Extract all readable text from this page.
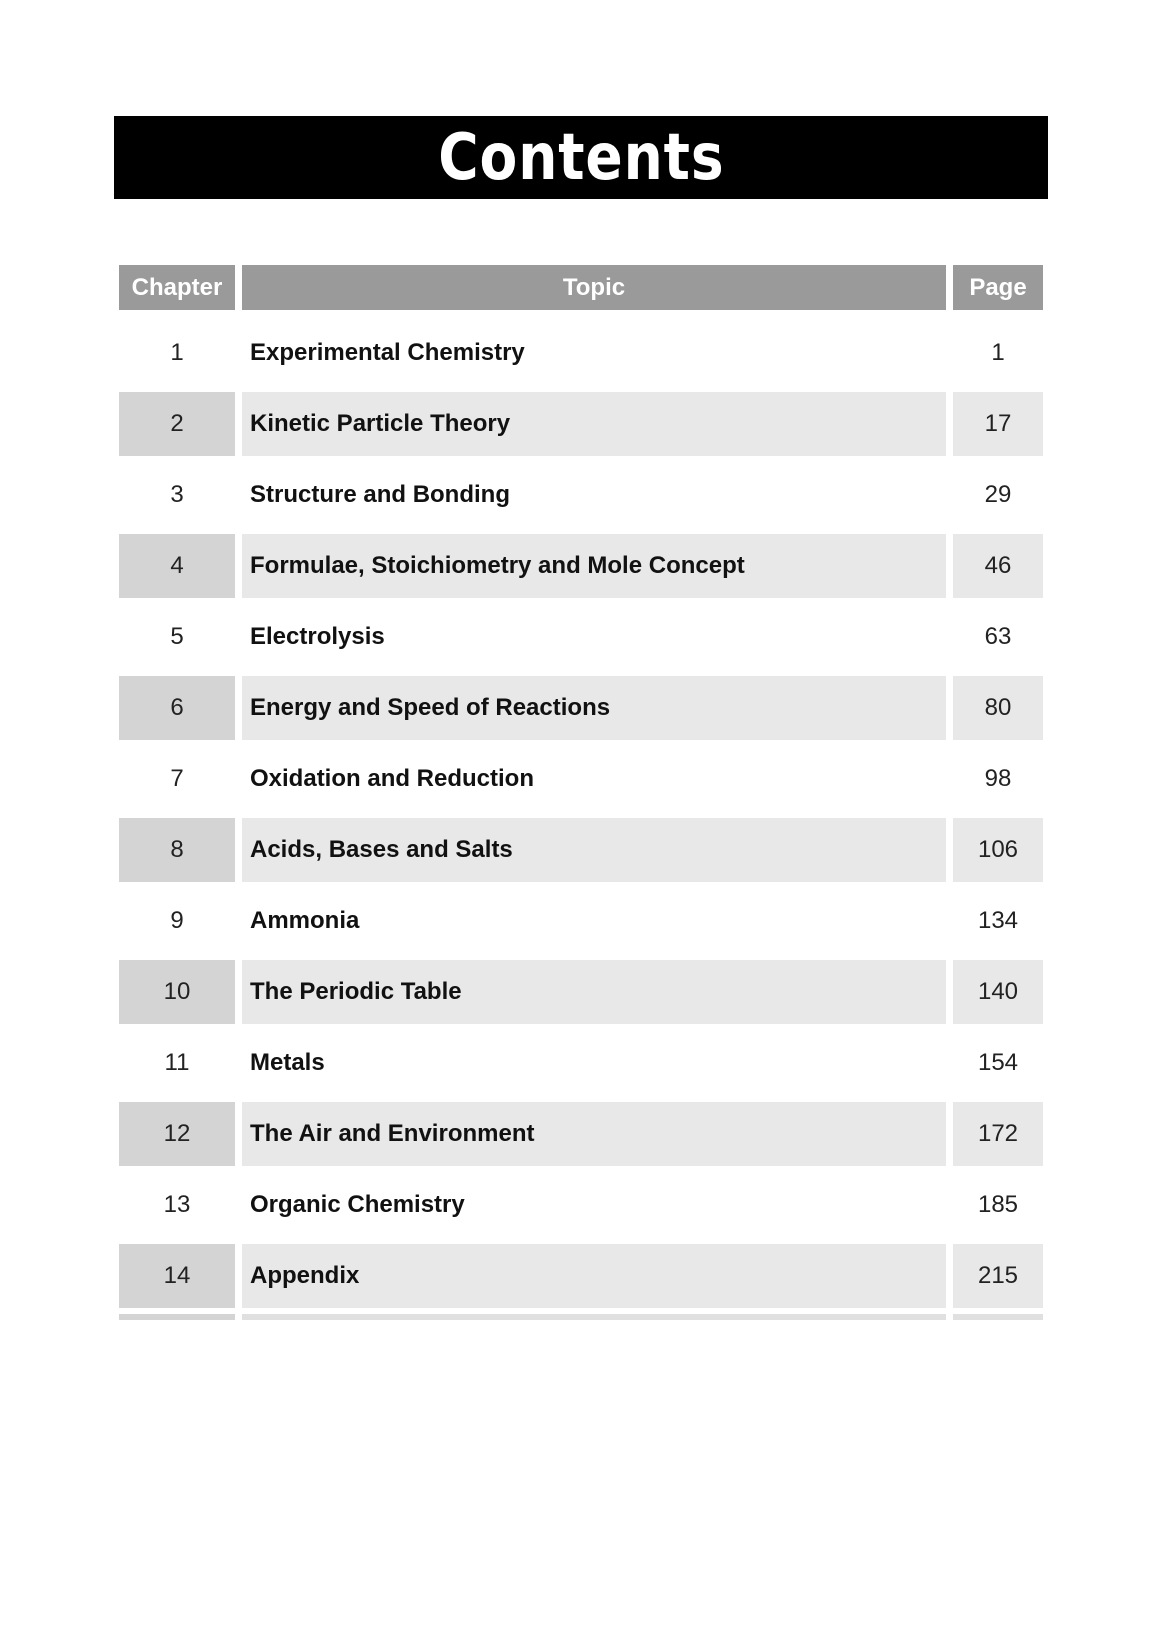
Contents
Chapter	Topic	Page
1	Experimental Chemistry	1
2	Kinetic Particle Theory	17
3	Structure and Bonding	29
4	Formulae, Stoichiometry and Mole Concept	46
5	Electrolysis	63
6	Energy and Speed of Reactions	80
7	Oxidation and Reduction	98
8	Acids, Bases and Salts	106
9	Ammonia	134
10	The Periodic Table	140
11	Metals	154
12	The Air and Environment	172
13	Organic Chemistry	185
14	Appendix	215
